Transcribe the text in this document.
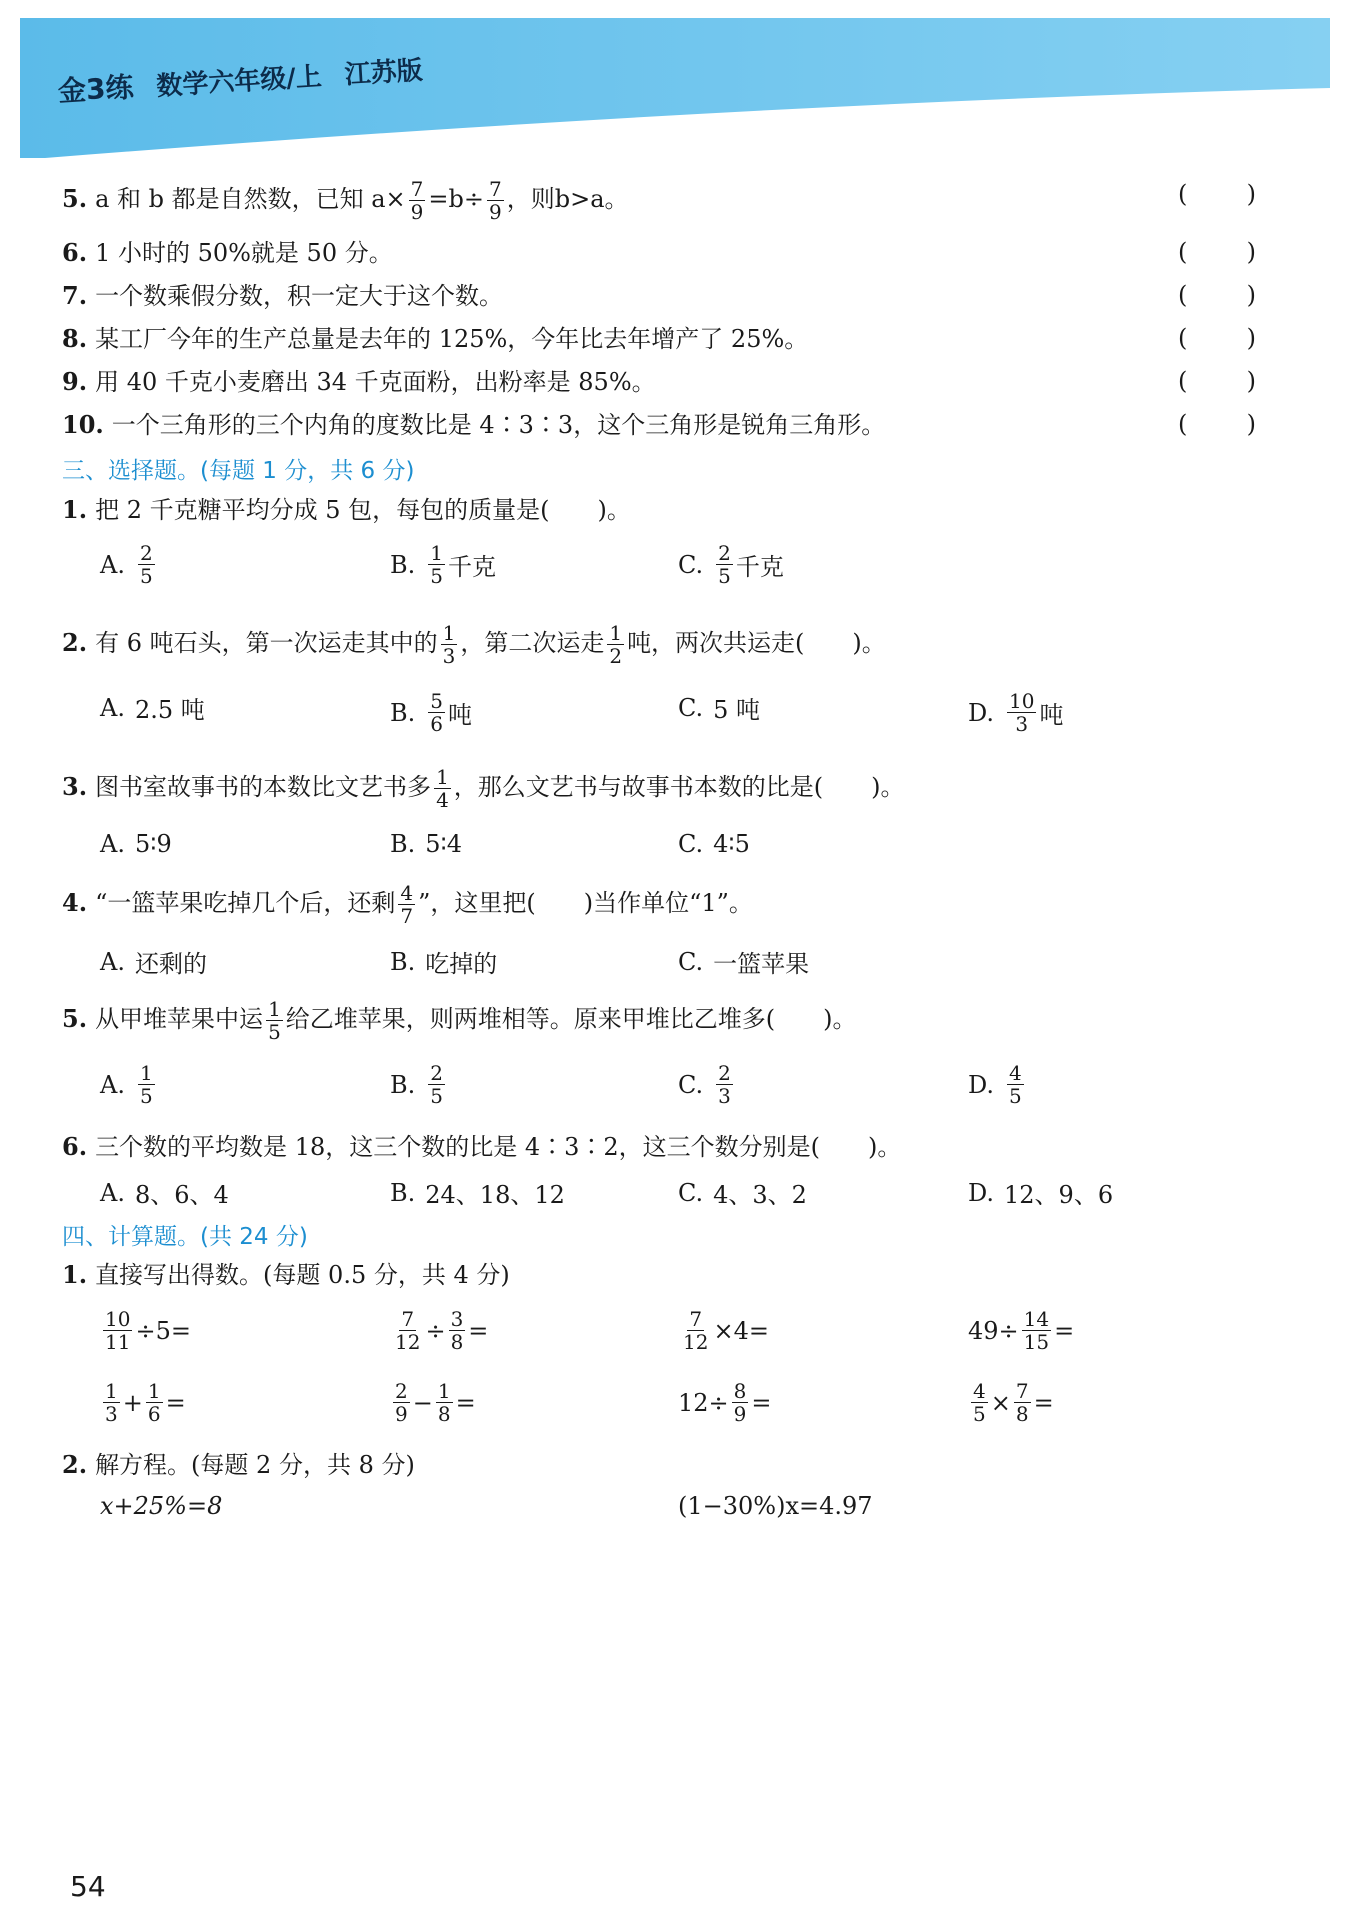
金3练 数学六年级/上 江苏版
5. a 和 b 都是自然数，已知 $a\times \frac{7}{9} =b\div \frac{7}{9}$ ，则b>a。	( )
6. 1 小时的 50%就是 50 分。	( )
7. 一个数乘假分数，积一定大于这个数。	( )
8. 某工厂今年的生产总量是去年的 125%，今年比去年增产了 25%。	( )
9. 用 40 千克小麦磨出 34 千克面粉，出粉率是 85%。	( )
10. 一个三角形的三个内角的度数比是 4∶3∶3，这个三角形是锐角三角形。	( )
三、选择题。(每题 1 分，共 6 分)
1. 把 2 千克糖平均分成 5 包，每包的质量是(　　)。
A. $\frac{2}{5}$	B. $\frac{1}{5}$ 千克	C. $\frac{2}{5}$ 千克
2. 有 6 吨石头，第一次运走其中的 $\frac{1}{3}$ ，第二次运走 $\frac{1}{2}$ 吨，两次共运走(　　)。
A. 2.5 吨	B. $\frac{5}{6}$ 吨	C. 5 吨	D. $\frac{10}{3}$ 吨
3. 图书室故事书的本数比文艺书多 $\frac{1}{4}$ ，那么文艺书与故事书本数的比是(　　)。
A. 5∶9	B. 5∶4	C. 4∶5
4. “一篮苹果吃掉几个后，还剩 $\frac{4}{7}$ ”，这里把(　　)当作单位“1”。
A. 还剩的	B. 吃掉的	C. 一篮苹果
5. 从甲堆苹果中运 $\frac{1}{5}$ 给乙堆苹果，则两堆相等。原来甲堆比乙堆多(　　)。
A. $\frac{1}{5}$	B. $\frac{2}{5}$	C. $\frac{2}{3}$	D. $\frac{4}{5}$
6. 三个数的平均数是 18，这三个数的比是 4∶3∶2，这三个数分别是(　　)。
A. 8、6、4	B. 24、18、12	C. 4、3、2	D. 12、9、6
四、计算题。(共 24 分)
1. 直接写出得数。(每题 0.5 分，共 4 分)
$\frac{10}{11} \div 5=$	$\frac{7}{12} \div \frac{3}{8}$ =	$\frac{7}{12} \times 4=$	$49\div \frac{14}{15}$ =
$\frac{1}{3} + \frac{1}{6}$ =	$\frac{2}{9} - \frac{1}{8}$ =	$12\div \frac{8}{9}$ =	$\frac{4}{5} \times \frac{7}{8}$ =
2. 解方程。(每题 2 分，共 8 分)
x+25%=8	(1−30%)x=4.97
54
